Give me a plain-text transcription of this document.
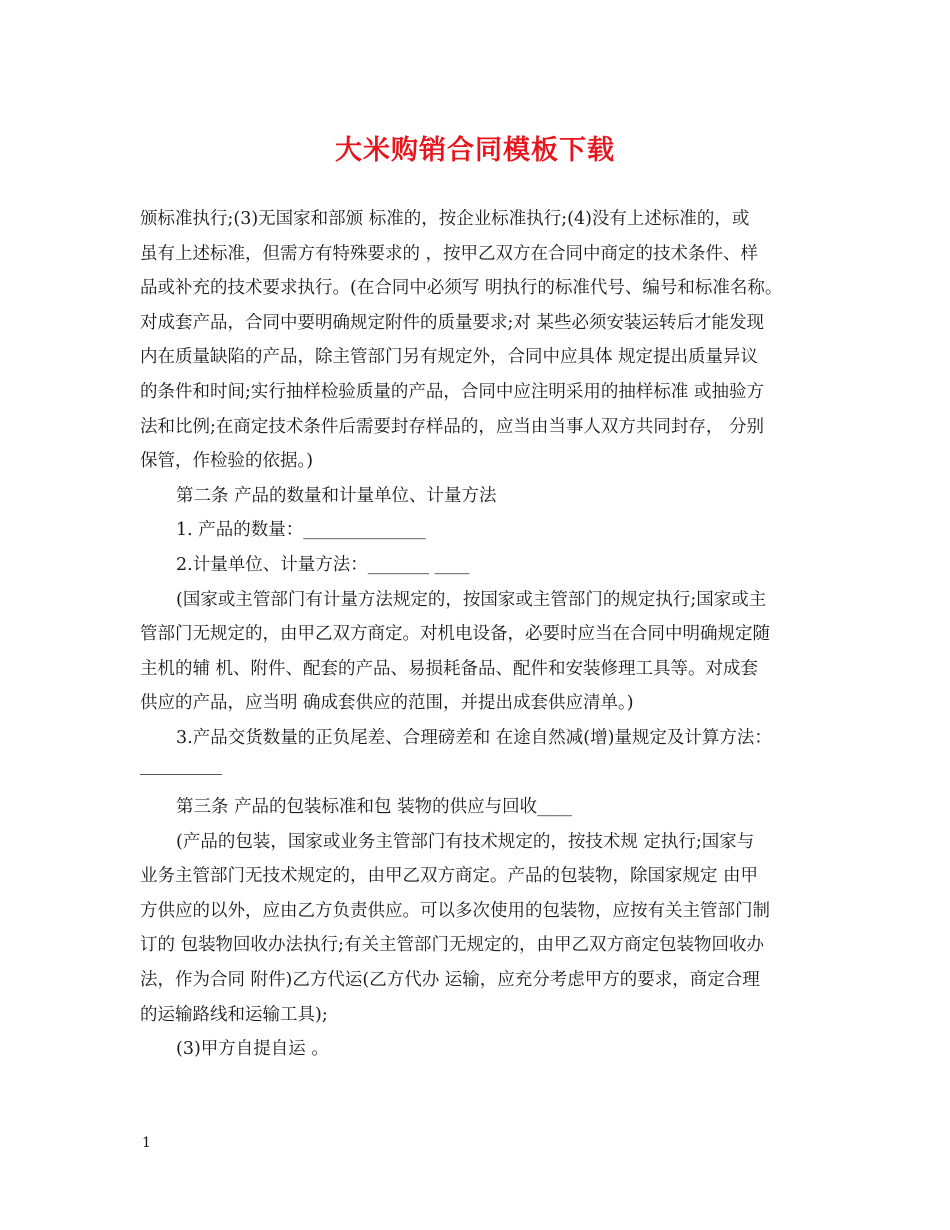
大米购销合同模板下载
颁标准执行;(3)无国家和部颁 标准的，按企业标准执行;(4)没有上述标准的，或
虽有上述标准，但需方有特殊要求的 ，按甲乙双方在合同中商定的技术条件、样
品或补充的技术要求执行。(在合同中必须写 明执行的标准代号、编号和标准名称。
对成套产品，合同中要明确规定附件的质量要求;对 某些必须安装运转后才能发现
内在质量缺陷的产品，除主管部门另有规定外，合同中应具体 规定提出质量异议
的条件和时间;实行抽样检验质量的产品，合同中应注明采用的抽样标准 或抽验方
法和比例;在商定技术条件后需要封存样品的，应当由当事人双方共同封存， 分别
保管，作检验的依据。)
第二条 产品的数量和计量单位、计量方法
1. 产品的数量：______________
2.计量单位、计量方法：_______ ____
(国家或主管部门有计量方法规定的，按国家或主管部门的规定执行;国家或主
管部门无规定的，由甲乙双方商定。对机电设备，必要时应当在合同中明确规定随
主机的辅 机、附件、配套的产品、易损耗备品、配件和安装修理工具等。对成套
供应的产品，应当明 确成套供应的范围，并提出成套供应清单。)
3.产品交货数量的正负尾差、合理磅差和 在途自然减(增)量规定及计算方法：
第三条 产品的包装标准和包 装物的供应与回收____
(产品的包装，国家或业务主管部门有技术规定的，按技术规 定执行;国家与
业务主管部门无技术规定的，由甲乙双方商定。产品的包装物，除国家规定 由甲
方供应的以外，应由乙方负责供应。可以多次使用的包装物，应按有关主管部门制
订的 包装物回收办法执行;有关主管部门无规定的，由甲乙双方商定包装物回收办
法，作为合同 附件)乙方代运(乙方代办 运输，应充分考虑甲方的要求，商定合理
的运输路线和运输工具);
(3)甲方自提自运 。
1
